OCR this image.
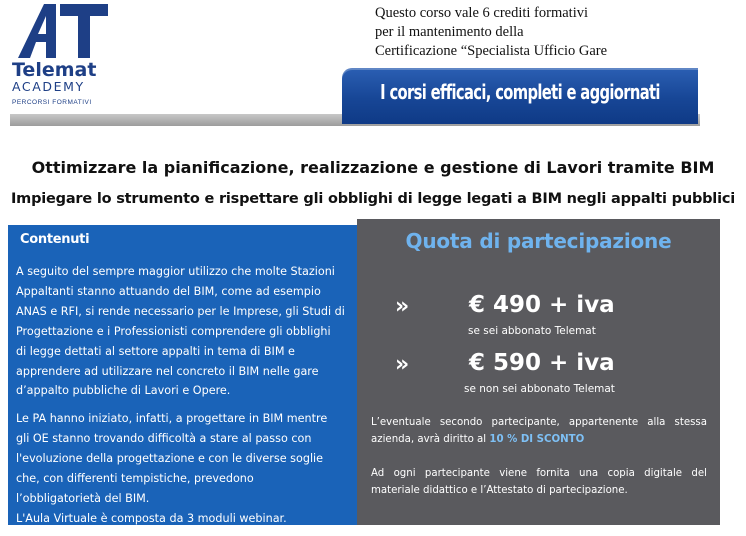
Telemat
ACADEMY
PERCORSI FORMATIVI
Questo corso vale 6 crediti formativi
per il mantenimento della
Certificazione “Specialista Ufficio Gare
I corsi efficaci, completi e aggiornati
Ottimizzare la pianificazione, realizzazione e gestione di Lavori tramite BIM
Impiegare lo strumento e rispettare gli obblighi di legge legati a BIM negli appalti pubblici
Contenuti
A seguito del sempre maggior utilizzo che molte Stazioni
Appaltanti stanno attuando del BIM, come ad esempio
ANAS e RFI, si rende necessario per le Imprese, gli Studi di
Progettazione e i Professionisti comprendere gli obblighi
di legge dettati al settore appalti in tema di BIM e
apprendere ad utilizzare nel concreto il BIM nelle gare
d’appalto pubbliche di Lavori e Opere.
Le PA hanno iniziato, infatti, a progettare in BIM mentre
gli OE stanno trovando difficoltà a stare al passo con
l'evoluzione della progettazione e con le diverse soglie
che, con differenti tempistiche, prevedono
l’obbligatorietà del BIM.
L'Aula Virtuale è composta da 3 moduli webinar.
Quota di partecipazione
»	€ 490 + iva
se sei abbonato Telemat
»	€ 590 + iva
se non sei abbonato Telemat
L’eventuale secondo partecipante, appartenente alla stessa
azienda, avrà diritto al 10 % DI SCONTO
Ad ogni partecipante viene fornita una copia digitale del
materiale didattico e l’Attestato di partecipazione.
